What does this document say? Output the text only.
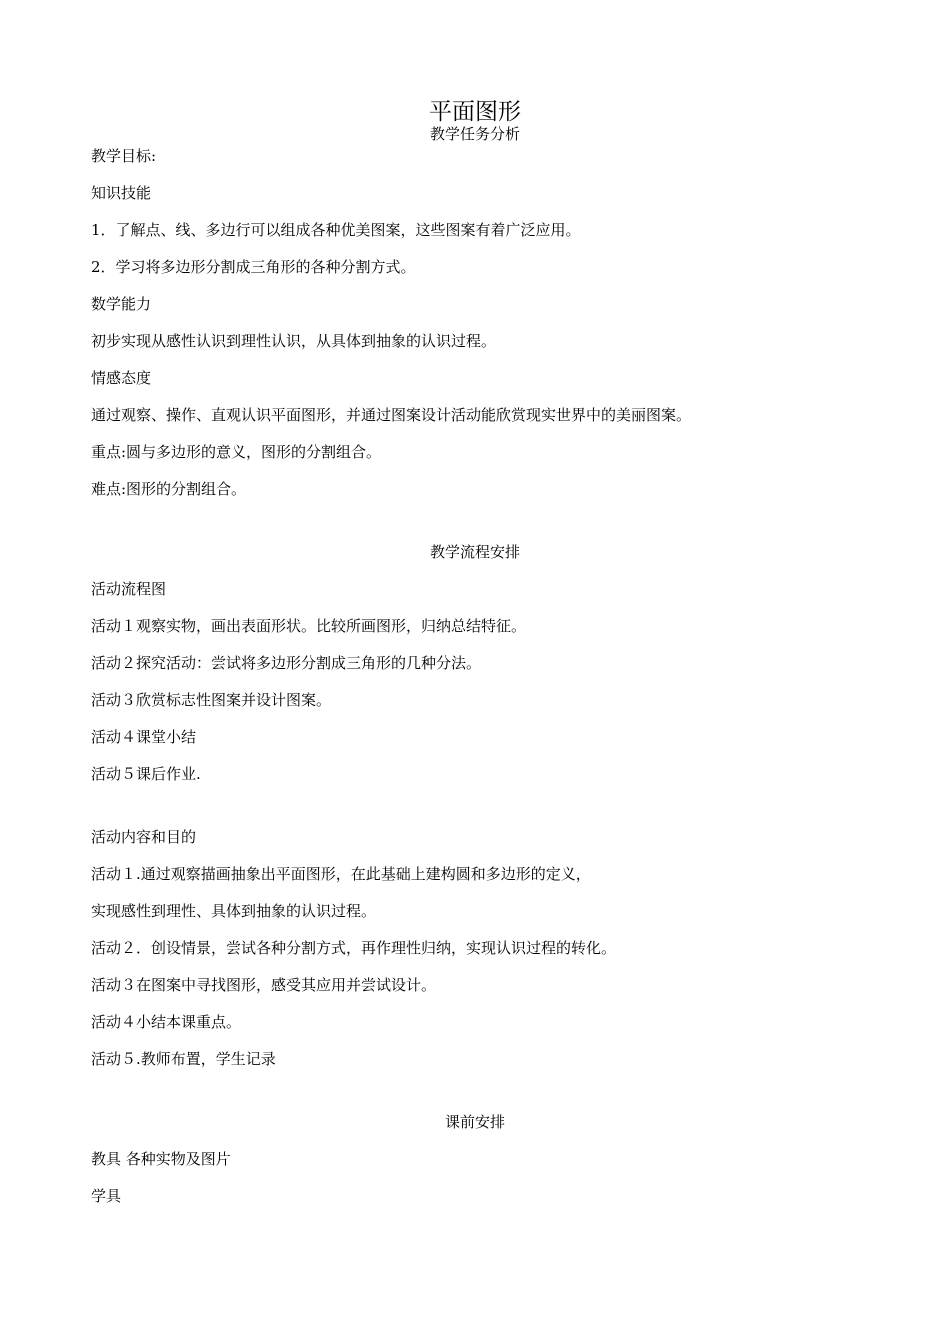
平面图形
教学任务分析
教学目标:
知识技能
1．了解点、线、多边行可以组成各种优美图案，这些图案有着广泛应用。
2．学习将多边形分割成三角形的各种分割方式。
数学能力
初步实现从感性认识到理性认识，从具体到抽象的认识过程。
情感态度
通过观察、操作、直观认识平面图形，并通过图案设计活动能欣赏现实世界中的美丽图案。
重点:圆与多边形的意义，图形的分割组合。
难点:图形的分割组合。
教学流程安排
活动流程图
活动１观察实物，画出表面形状。比较所画图形，归纳总结特征。
活动２探究活动：尝试将多边形分割成三角形的几种分法。
活动３欣赏标志性图案并设计图案。
活动４课堂小结
活动５课后作业.
活动内容和目的
活动１.通过观察描画抽象出平面图形，在此基础上建构圆和多边形的定义，
实现感性到理性、具体到抽象的认识过程。
活动２．创设情景，尝试各种分割方式，再作理性归纳，实现认识过程的转化。
活动３在图案中寻找图形，感受其应用并尝试设计。
活动４小结本课重点。
活动５.教师布置，学生记录
课前安排
教具 各种实物及图片
学具
